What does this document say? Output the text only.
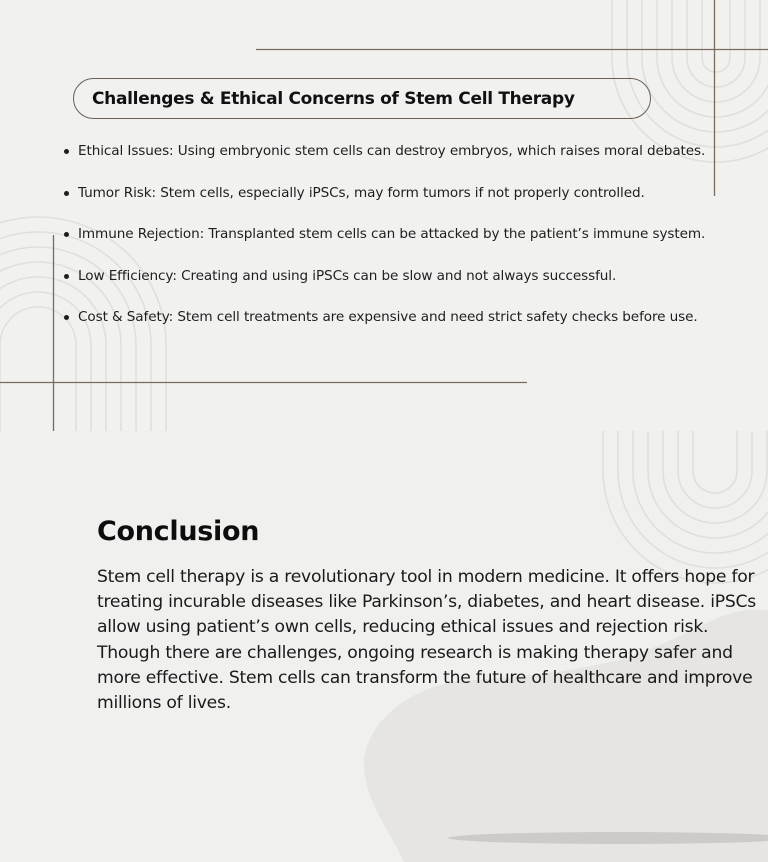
Challenges & Ethical Concerns of Stem Cell Therapy
Ethical Issues: Using embryonic stem cells can destroy embryos, which raises moral debates.
Tumor Risk: Stem cells, especially iPSCs, may form tumors if not properly controlled.
Immune Rejection: Transplanted stem cells can be attacked by the patient’s immune system.
Low Efficiency: Creating and using iPSCs can be slow and not always successful.
Cost & Safety: Stem cell treatments are expensive and need strict safety checks before use.
Conclusion

Stem cell therapy is a revolutionary tool in modern medicine. It offers hope for treating incurable diseases like Parkinson’s, diabetes, and heart disease. iPSCs allow using patient’s own cells, reducing ethical issues and rejection risk. Though there are challenges, ongoing research is making therapy safer and more effective. Stem cells can transform the future of healthcare and improve millions of lives.
